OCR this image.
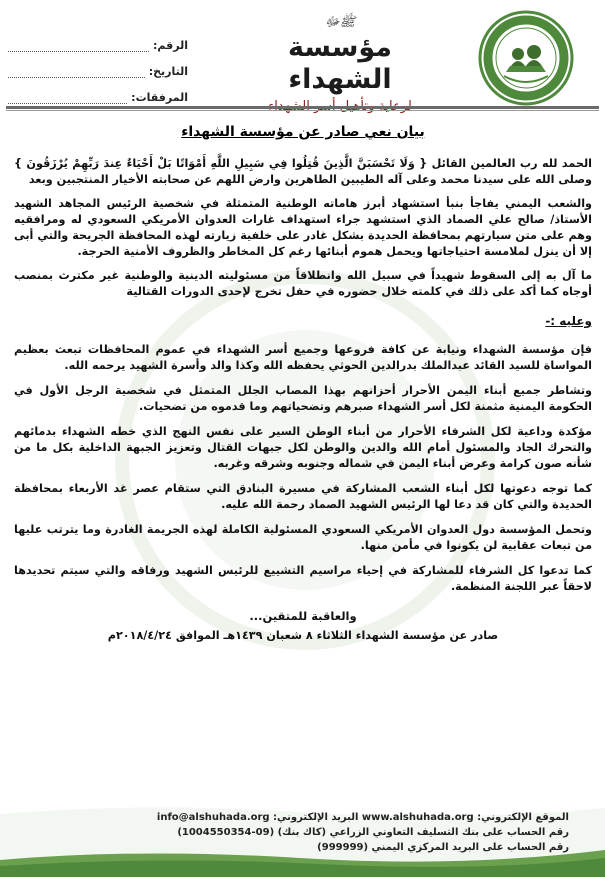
ﷺﷻ
مؤسسة الشهداء
الرقم:
التاريخ:
المرفقات:
بيان نعي صادر عن مؤسسة الشهداء

الحمد لله رب العالمين القائل { وَلَا تَحْسَبَنَّ الَّذِينَ قُتِلُوا فِي سَبِيلِ اللَّهِ أَمْوَاتًا بَلْ أَحْيَاءٌ عِندَ رَبِّهِمْ يُرْزَقُونَ } وصلى الله على سيدنا محمد وعلى آله الطيبين الطاهرين وارض اللهم عن صحابته الأخيار المنتجبين وبعد

والشعب اليمني يفاجأ بنبأ استشهاد أبرز هاماته الوطنية المتمثلة في شخصية الرئيس المجاهد الشهيد الأستاذ/ صالح علي الصماد الذي استشهد جراء استهداف غارات العدوان الأمريكي السعودي له ومرافقيه وهم على متن سيارتهم بمحافظة الحديدة بشكل غادر على خلفية زيارته لهذه المحافظة الجريحة والتي أبى إلا أن ينزل لملامسة احتياجاتها ويحمل هموم أبنائها رغم كل المخاطر والظروف الأمنية الحرجة.

ما آل به إلى السقوط شهيداً في سبيل الله وانطلاقاً من مسئوليته الدينية والوطنية غير مكترث بمنصب أوجاه كما أكد على ذلك في كلمته خلال حضوره في حفل تخرج لإحدى الدورات القتالية

وعليه :-

فإن مؤسسة الشهداء ونيابة عن كافة فروعها وجميع أسر الشهداء في عموم المحافظات تبعث بعظيم المواساة للسيد القائد عبدالملك بدرالدين الحوثي يحفظه الله وكذا والد وأسرة الشهيد يرحمه الله.

وتشاطر جميع أبناء اليمن الأحرار أحزانهم بهذا المصاب الجلل المتمثل في شخصية الرجل الأول في الحكومة اليمنية مثمنة لكل أسر الشهداء صبرهم وتضحياتهم وما قدموه من تضحيات.

مؤكدة وداعية لكل الشرفاء الأحرار من أبناء الوطن السير على نفس النهج الذي خطه الشهداء بدمائهم والتحرك الجاد والمسئول أمام الله والدين والوطن لكل جبهات القتال وتعزيز الجبهة الداخلية بكل ما من شأنه صون كرامة وعرض أبناء اليمن في شماله وجنوبه وشرقه وغربه.

كما توجه دعوتها لكل أبناء الشعب المشاركة في مسيرة البنادق التي ستقام عصر غد الأربعاء بمحافظة الحديدة والتي كان قد دعا لها الرئيس الشهيد الصماد رحمة الله عليه.

وتحمل المؤسسة دول العدوان الأمريكي السعودي المسئولية الكاملة لهذه الجريمة الغادرة وما يترتب عليها من تبعات عقابية لن يكونوا في مأمن منها.

كما تدعوا كل الشرفاء للمشاركة في إحياء مراسيم التشييع للرئيس الشهيد ورفاقه والتي سيتم تحديدها لاحقاً عبر اللجنة المنظمة.

والعاقبة للمتقين...
صادر عن مؤسسة الشهداء الثلاثاء ٨ شعبان ١٤٣٩هـ الموافق ٢٠١٨/٤/٢٤م
الموقع الإلكتروني: www.alshuhada.org البريد الإلكتروني: info@alshuhada.org
رقم الحساب على بنك التسليف التعاوني الزراعي (كاك بنك) (09-1004550354)
رقم الحساب على البريد المركزي اليمني (999999)
